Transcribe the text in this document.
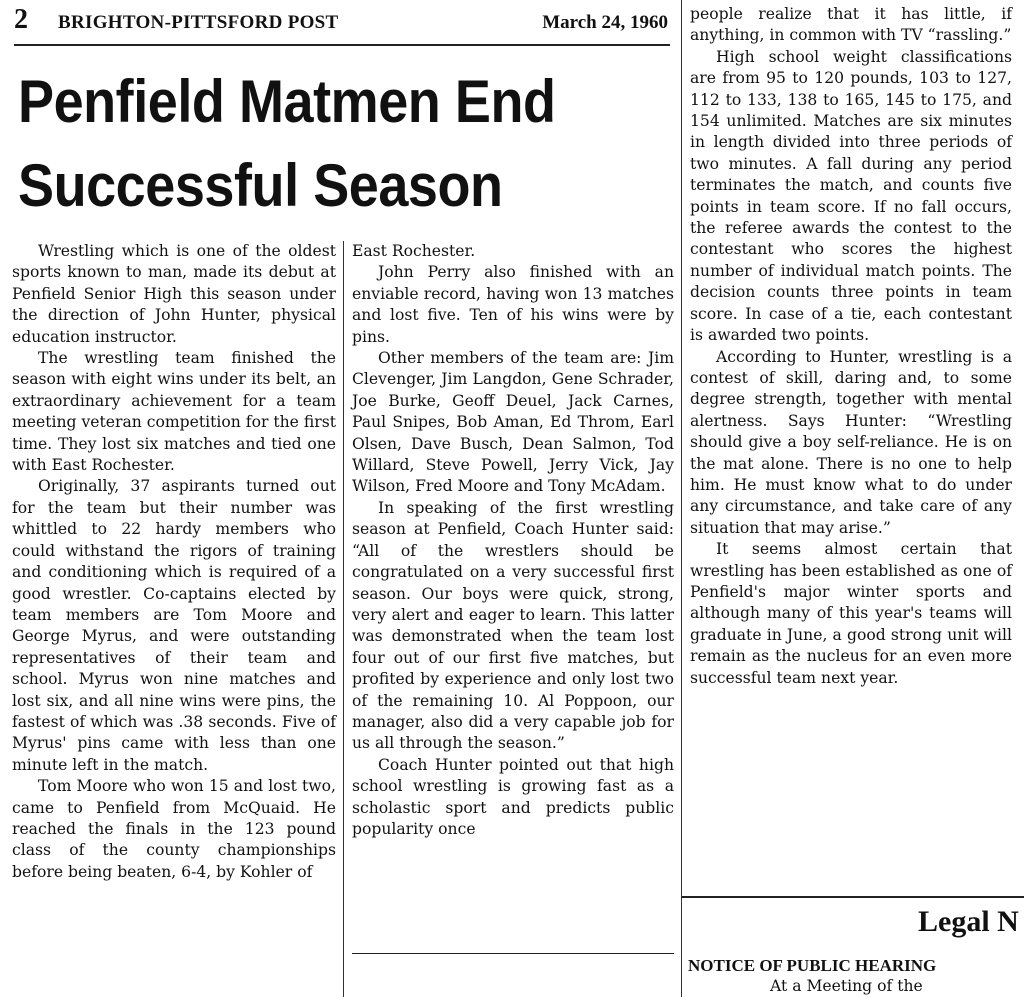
2 BRIGHTON-PITTSFORD POST	March 24, 1960
Penfield Matmen End
Successful Season

Wrestling which is one of the oldest sports known to man, made its debut at Penfield Senior High this season under the direction of John Hunter, physical education instructor.

The wrestling team finished the season with eight wins under its belt, an extraordinary achievement for a team meeting veteran competition for the first time. They lost six matches and tied one with East Rochester.

Originally, 37 aspirants turned out for the team but their number was whittled to 22 hardy members who could withstand the rigors of training and conditioning which is required of a good wrestler. Co-captains elected by team members are Tom Moore and George Myrus, and were outstanding representatives of their team and school. Myrus won nine matches and lost six, and all nine wins were pins, the fastest of which was .38 seconds. Five of Myrus' pins came with less than one minute left in the match.

Tom Moore who won 15 and lost two, came to Penfield from McQuaid. He reached the finals in the 123 pound class of the county championships before being beaten, 6-4, by Kohler of

East Rochester.

John Perry also finished with an enviable record, having won 13 matches and lost five. Ten of his wins were by pins.

Other members of the team are: Jim Clevenger, Jim Langdon, Gene Schrader, Joe Burke, Geoff Deuel, Jack Carnes, Paul Snipes, Bob Aman, Ed Throm, Earl Olsen, Dave Busch, Dean Salmon, Tod Willard, Steve Powell, Jerry Vick, Jay Wilson, Fred Moore and Tony McAdam.

In speaking of the first wrestling season at Penfield, Coach Hunter said: “All of the wrestlers should be congratulated on a very successful first season. Our boys were quick, strong, very alert and eager to learn. This latter was demonstrated when the team lost four out of our first five matches, but profited by experience and only lost two of the remaining 10. Al Poppoon, our manager, also did a very capable job for us all through the season.”

Coach Hunter pointed out that high school wrestling is growing fast as a scholastic sport and predicts public popularity once

people realize that it has little, if anything, in common with TV “rassling.”

High school weight classifications are from 95 to 120 pounds, 103 to 127, 112 to 133, 138 to 165, 145 to 175, and 154 unlimited. Matches are six minutes in length divided into three periods of two minutes. A fall during any period terminates the match, and counts five points in team score. If no fall occurs, the referee awards the contest to the contestant who scores the highest number of individual match points. The decision counts three points in team score. In case of a tie, each contestant is awarded two points.

According to Hunter, wrestling is a contest of skill, daring and, to some degree strength, together with mental alertness. Says Hunter: “Wrestling should give a boy self-reliance. He is on the mat alone. There is no one to help him. He must know what to do under any circumstance, and take care of any situation that may arise.”

It seems almost certain that wrestling has been established as one of Penfield's major winter sports and although many of this year's teams will graduate in June, a good strong unit will remain as the nucleus for an even more successful team next year.

Legal N
NOTICE OF PUBLIC HEARING
At a Meeting of the
